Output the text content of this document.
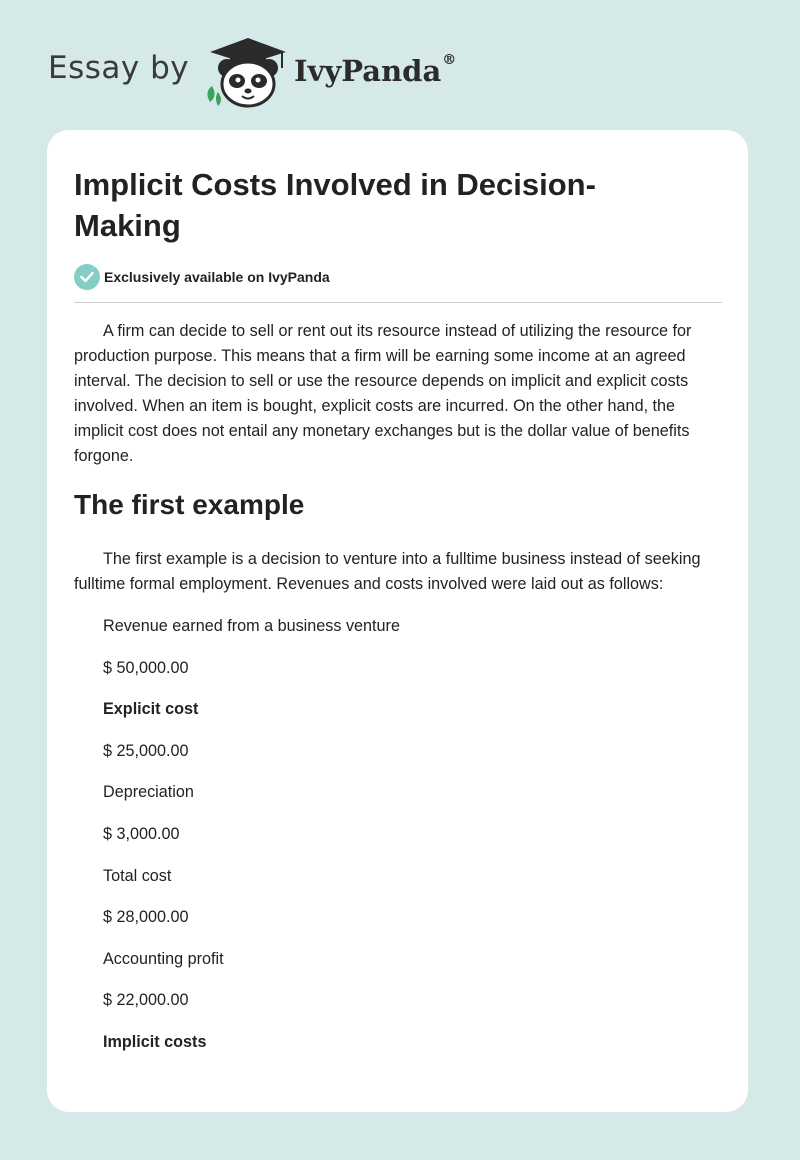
Essay by	IvyPanda®
Implicit Costs Involved in Decision-Making
Exclusively available on IvyPanda

A firm can decide to sell or rent out its resource instead of utilizing the resource for production purpose. This means that a firm will be earning some income at an agreed interval. The decision to sell or use the resource depends on implicit and explicit costs involved. When an item is bought, explicit costs are incurred. On the other hand, the implicit cost does not entail any monetary exchanges but is the dollar value of benefits forgone.

The first example

The first example is a decision to venture into a fulltime business instead of seeking fulltime formal employment. Revenues and costs involved were laid out as follows:

Revenue earned from a business venture
$ 50,000.00
Explicit cost
$ 25,000.00
Depreciation
$ 3,000.00
Total cost
$ 28,000.00
Accounting profit
$ 22,000.00
Implicit costs
